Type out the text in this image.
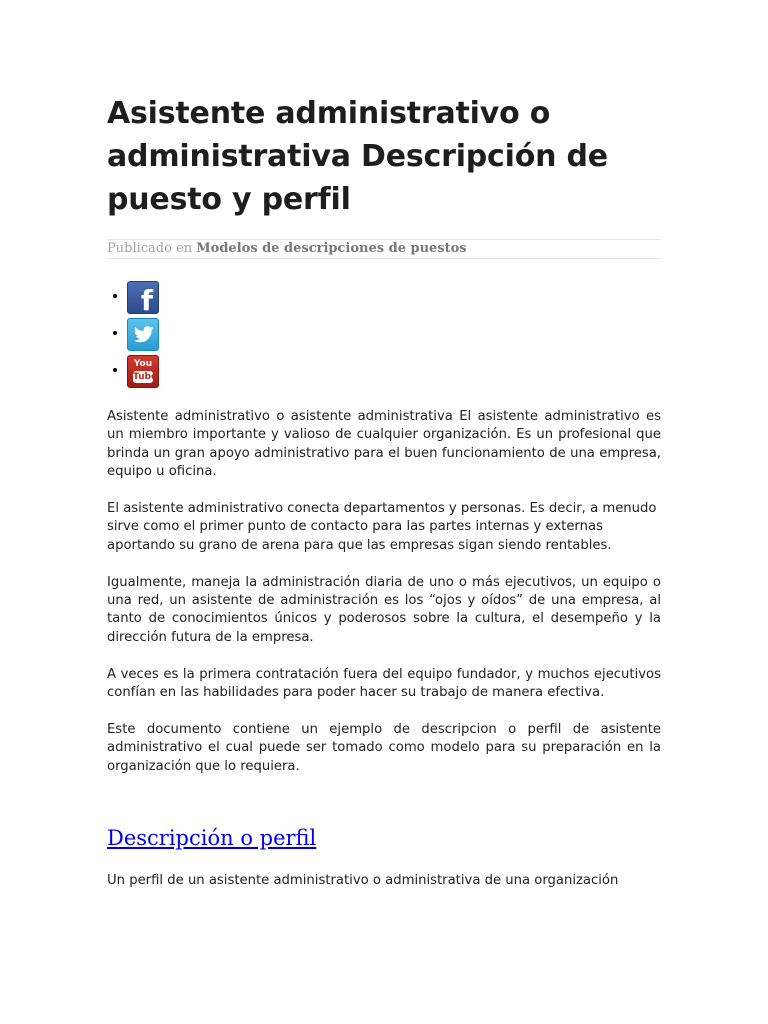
Asistente administrativo o administrativa Descripción de puesto y perfil
Publicado en Modelos de descripciones de puestos
• f
•
• You
Tube

Asistente administrativo o asistente administrativa El asistente administrativo es un miembro importante y valioso de cualquier organización. Es un profesional que brinda un gran apoyo administrativo para el buen funcionamiento de una empresa, equipo u oficina.

El asistente administrativo conecta departamentos y personas. Es decir, a menudo sirve como el primer punto de contacto para las partes internas y externas aportando su grano de arena para que las empresas sigan siendo rentables.

Igualmente, maneja la administración diaria de uno o más ejecutivos, un equipo o una red, un asistente de administración es los “ojos y oídos” de una empresa, al tanto de conocimientos únicos y poderosos sobre la cultura, el desempeño y la dirección futura de la empresa.

A veces es la primera contratación fuera del equipo fundador, y muchos ejecutivos confían en las habilidades para poder hacer su trabajo de manera efectiva.

Este documento contiene un ejemplo de descripcion o perfil de asistente administrativo el cual puede ser tomado como modelo para su preparación en la organización que lo requiera.

Descripción o perfil
Un perfil de un asistente administrativo o administrativa de una organización
